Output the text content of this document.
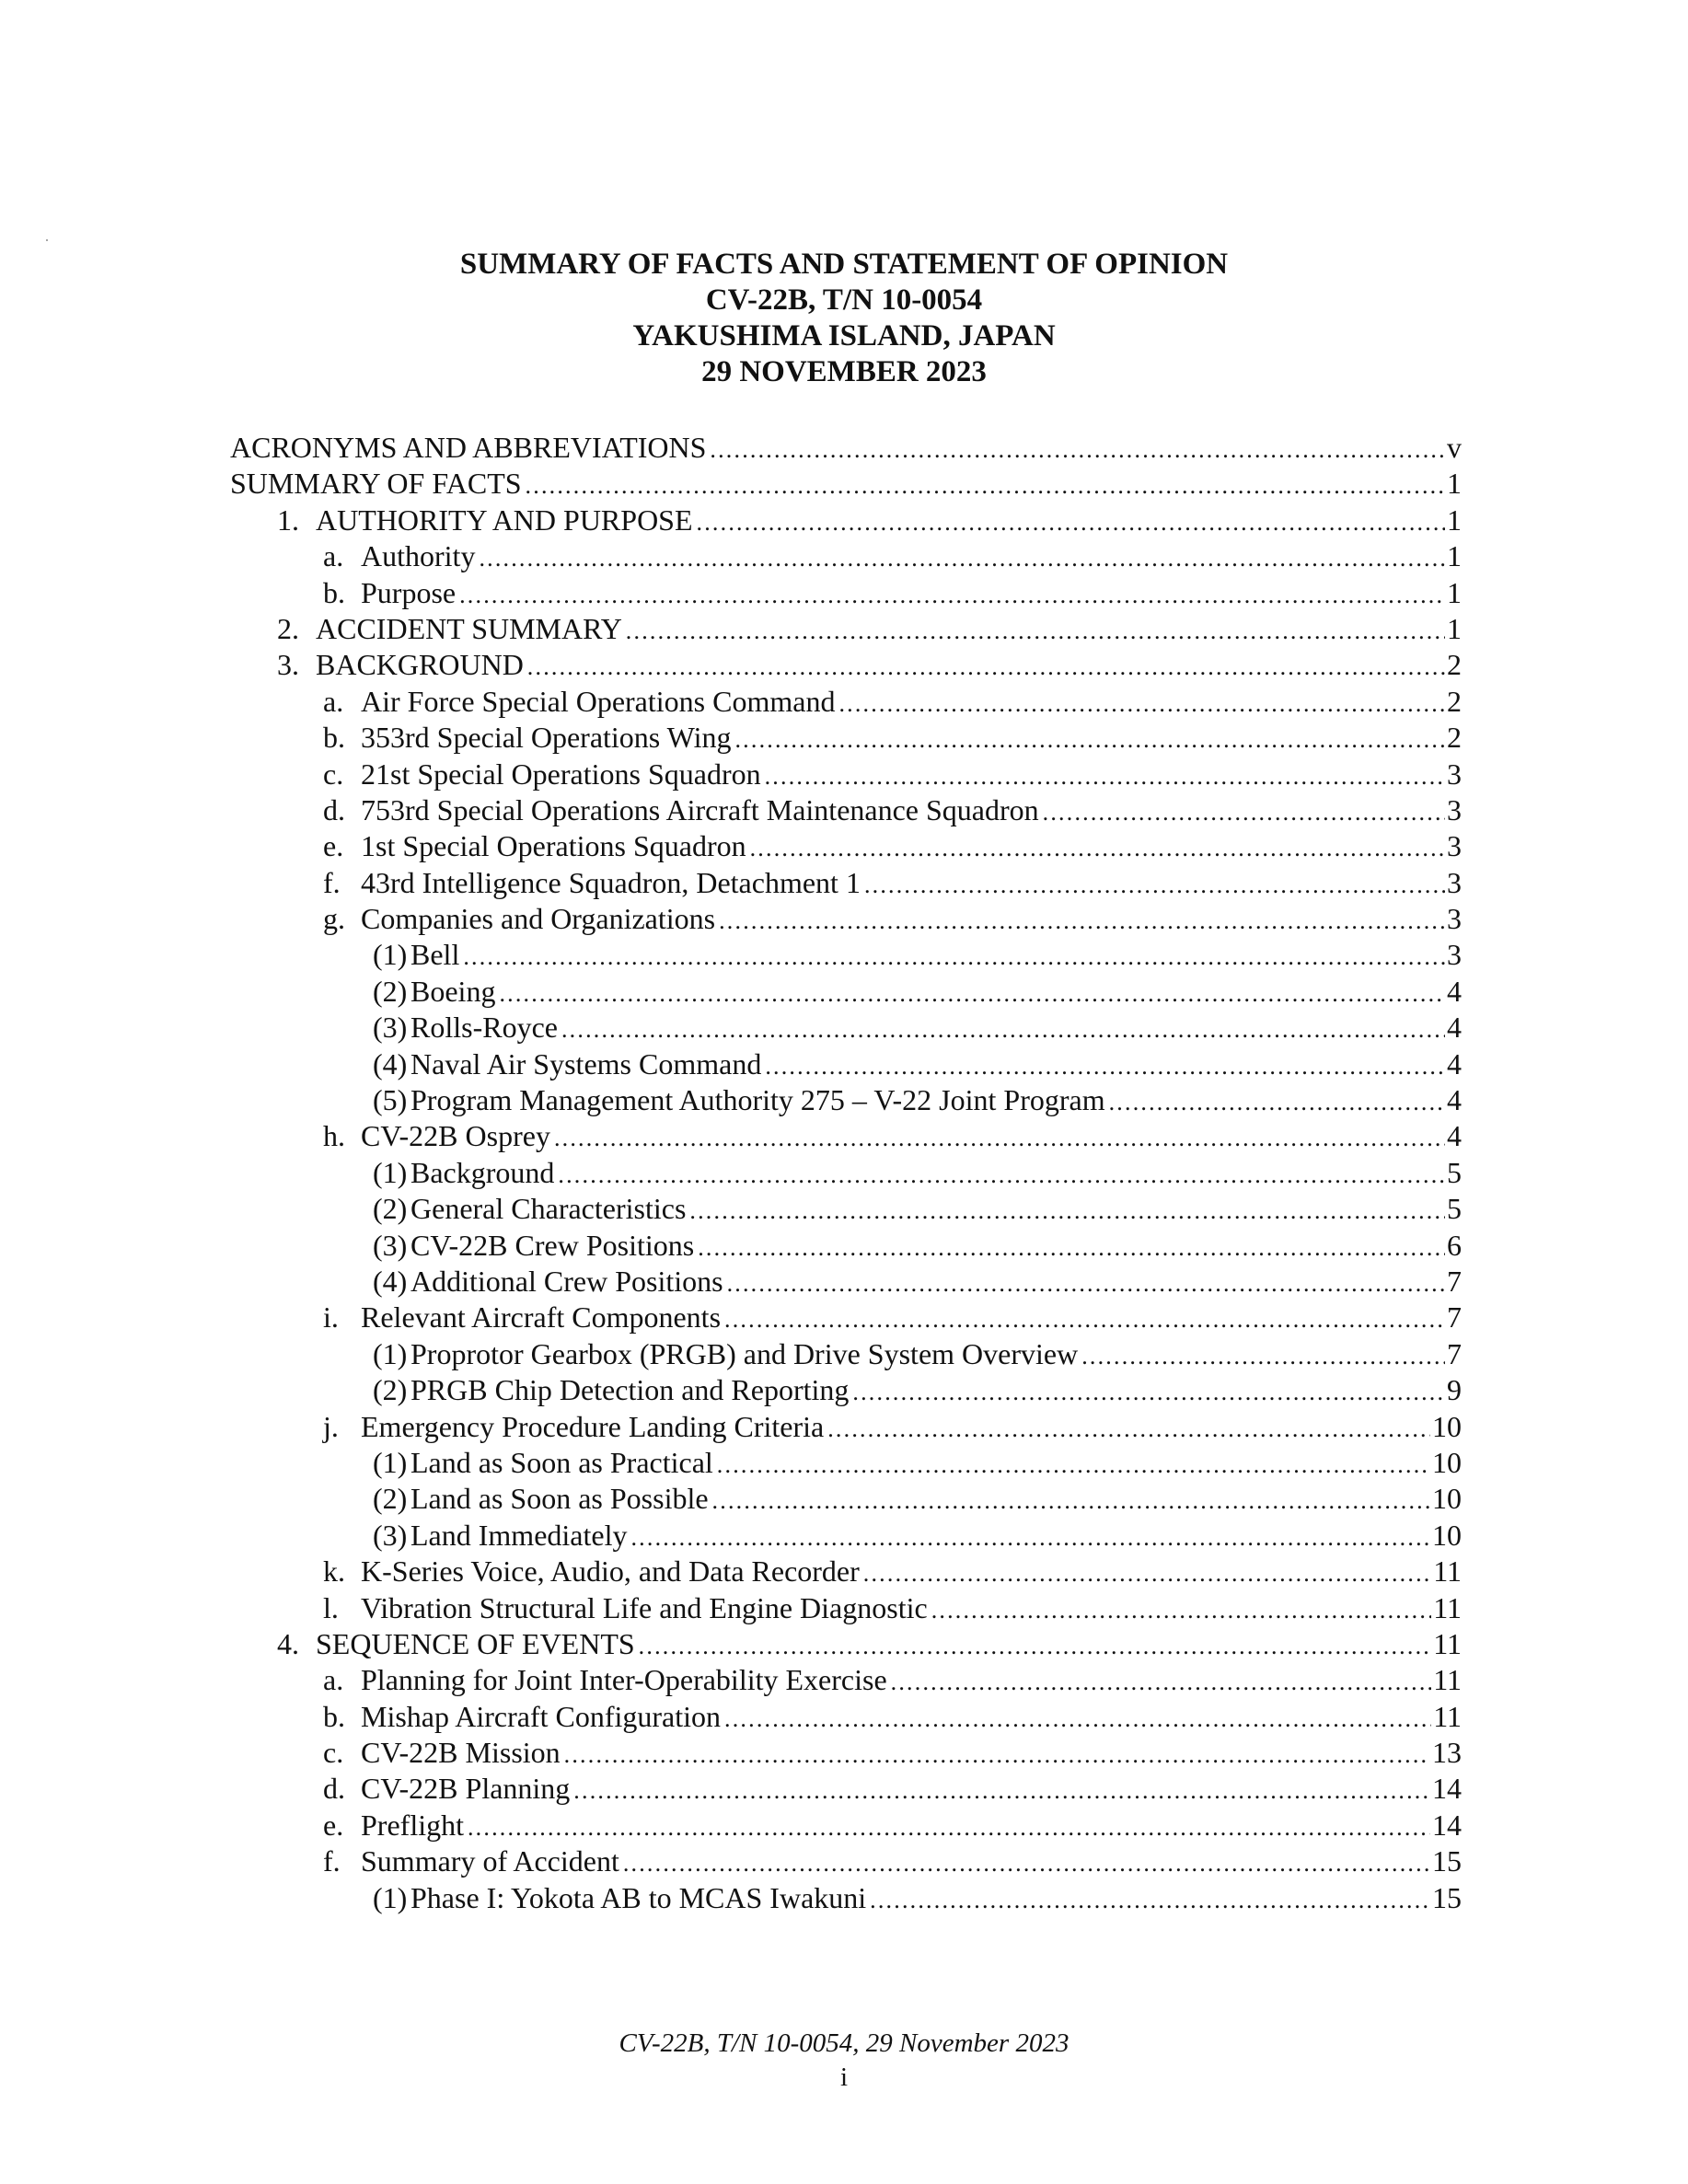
SUMMARY OF FACTS AND STATEMENT OF OPINION
CV-22B, T/N 10-0054
YAKUSHIMA ISLAND, JAPAN
29 NOVEMBER 2023
ACRONYMS AND ABBREVIATIONS .....	v
SUMMARY OF FACTS .....	1
1. AUTHORITY AND PURPOSE .....	1
a. Authority .....	1
b. Purpose .....	1
2. ACCIDENT SUMMARY .....	1
3. BACKGROUND .....	2
a. Air Force Special Operations Command .....	2
b. 353rd Special Operations Wing .....	2
c. 21st Special Operations Squadron .....	3
d. 753rd Special Operations Aircraft Maintenance Squadron .....	3
e. 1st Special Operations Squadron .....	3
f. 43rd Intelligence Squadron, Detachment 1 .....	3
g. Companies and Organizations .....	3
(1) Bell .....	3
(2) Boeing .....	4
(3) Rolls-Royce .....	4
(4) Naval Air Systems Command .....	4
(5) Program Management Authority 275 – V-22 Joint Program .....	4
h. CV-22B Osprey .....	4
(1) Background .....	5
(2) General Characteristics .....	5
(3) CV-22B Crew Positions .....	6
(4) Additional Crew Positions .....	7
i. Relevant Aircraft Components .....	7
(1) Proprotor Gearbox (PRGB) and Drive System Overview .....	7
(2) PRGB Chip Detection and Reporting .....	9
j. Emergency Procedure Landing Criteria .....	10
(1) Land as Soon as Practical .....	10
(2) Land as Soon as Possible .....	10
(3) Land Immediately .....	10
k. K-Series Voice, Audio, and Data Recorder .....	11
l. Vibration Structural Life and Engine Diagnostic .....	11
4. SEQUENCE OF EVENTS .....	11
a. Planning for Joint Inter-Operability Exercise .....	11
b. Mishap Aircraft Configuration .....	11
c. CV-22B Mission .....	13
d. CV-22B Planning .....	14
e. Preflight .....	14
f. Summary of Accident .....	15
(1) Phase I: Yokota AB to MCAS Iwakuni .....	15
CV-22B, T/N 10-0054, 29 November 2023
i
